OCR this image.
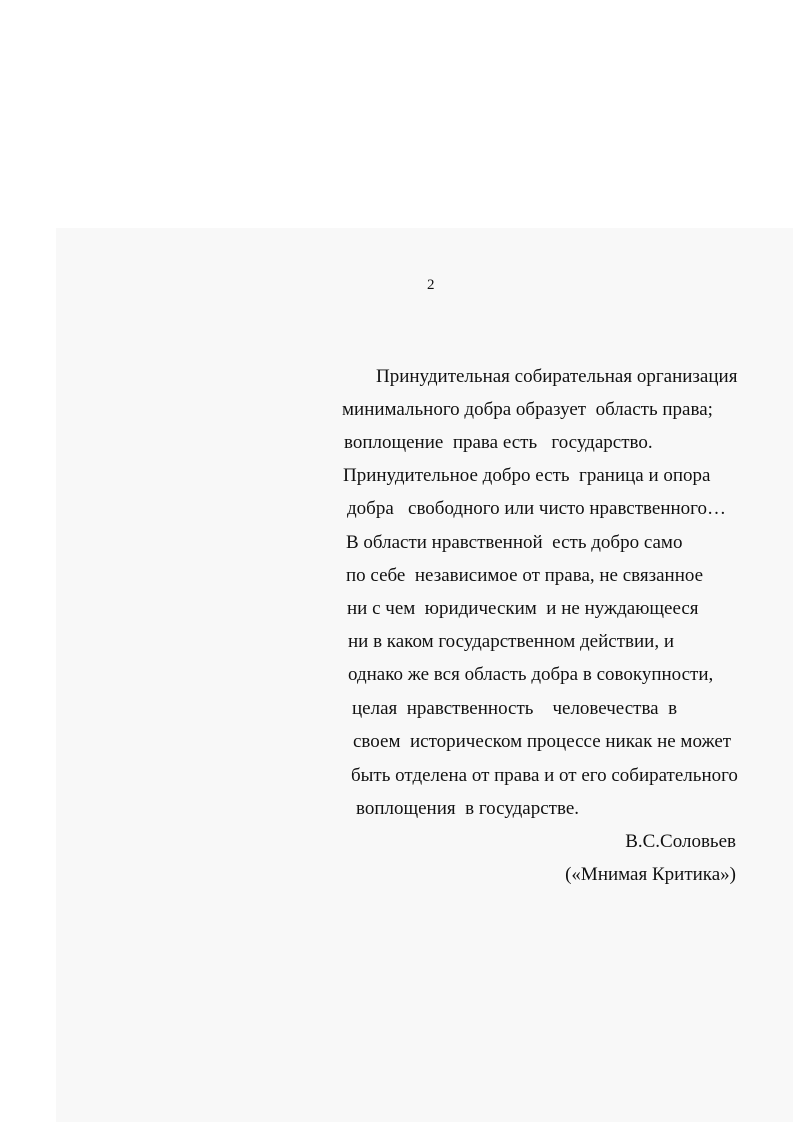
2
Принудительная собирательная организация
минимального добра образует  область права;
воплощение  права есть   государство.
Принудительное добро есть  граница и опора
добра   свободного или чисто нравственного…
В области нравственной  есть добро само
по себе  независимое от права, не связанное
ни с чем  юридическим  и не нуждающееся
ни в каком государственном действии, и
однако же вся область добра в совокупности,
целая  нравственность    человечества  в
своем  историческом процессе никак не может
быть отделена от права и от его собирательного
воплощения  в государстве.
В.С.Соловьев
(«Мнимая Критика»)
